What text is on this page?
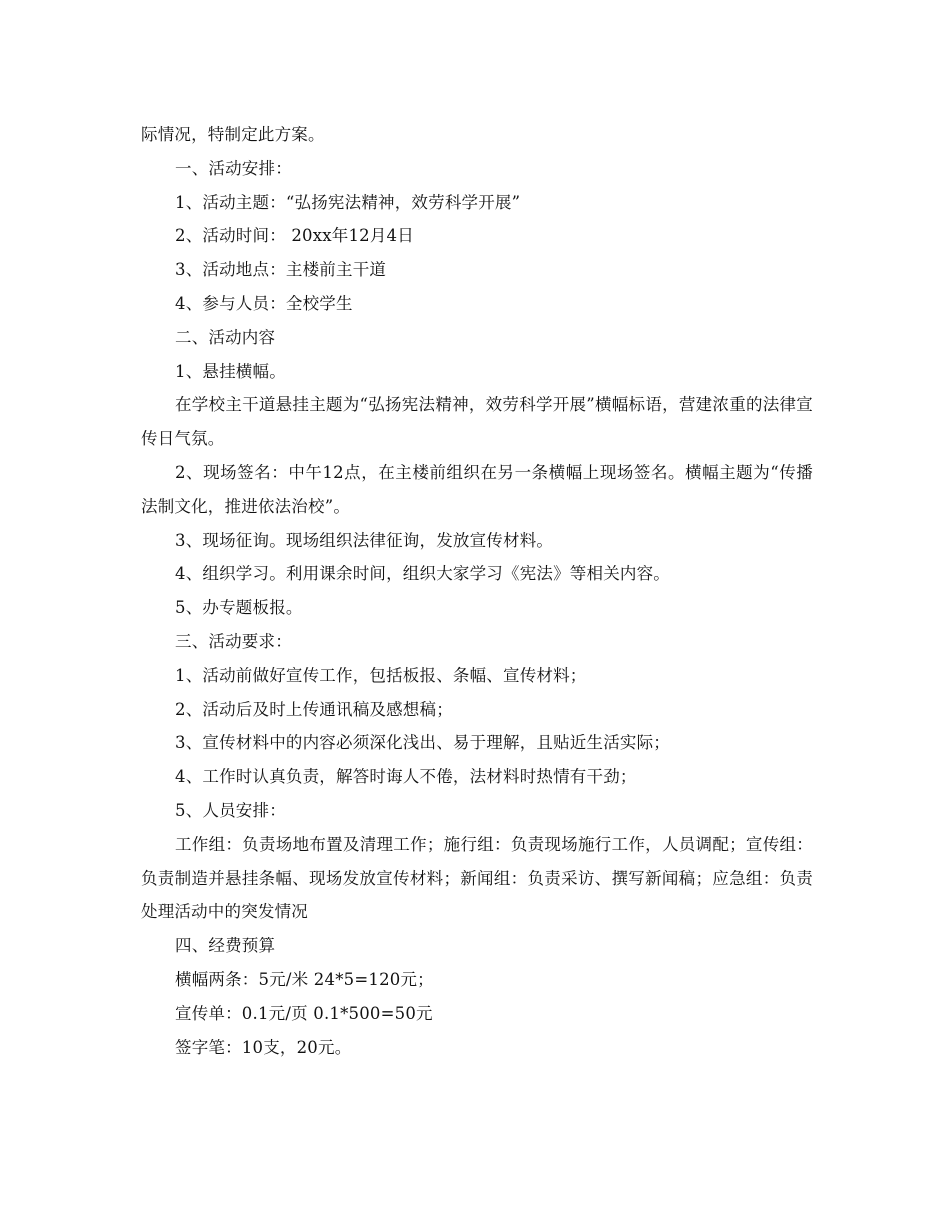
际情况，特制定此方案。

一、活动安排：

1、活动主题：“弘扬宪法精神，效劳科学开展”

2、活动时间： 20xx年12月4日

3、活动地点：主楼前主干道

4、参与人员：全校学生

二、活动内容

1、悬挂横幅。

在学校主干道悬挂主题为“弘扬宪法精神，效劳科学开展”横幅标语，营建浓重的法律宣传日气氛。

2、现场签名：中午12点，在主楼前组织在另一条横幅上现场签名。横幅主题为“传播法制文化，推进依法治校”。

3、现场征询。现场组织法律征询，发放宣传材料。

4、组织学习。利用课余时间，组织大家学习《宪法》等相关内容。

5、办专题板报。

三、活动要求：

1、活动前做好宣传工作，包括板报、条幅、宣传材料；

2、活动后及时上传通讯稿及感想稿；

3、宣传材料中的内容必须深化浅出、易于理解，且贴近生活实际；

4、工作时认真负责，解答时诲人不倦，法材料时热情有干劲；

5、人员安排：

工作组：负责场地布置及清理工作；施行组：负责现场施行工作，人员调配；宣传组：负责制造并悬挂条幅、现场发放宣传材料；新闻组：负责采访、撰写新闻稿；应急组：负责处理活动中的突发情况

四、经费预算

横幅两条：5元/米 24*5=120元；

宣传单：0.1元/页 0.1*500=50元

签字笔：10支，20元。
